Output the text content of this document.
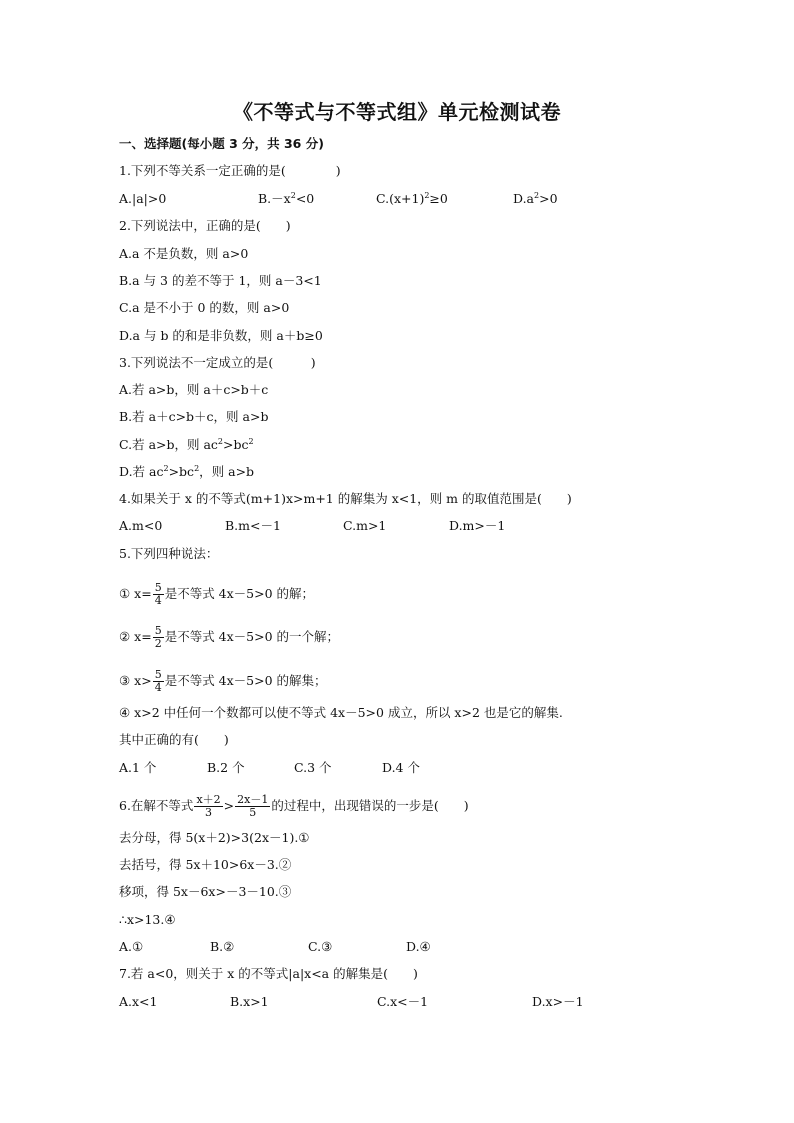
《不等式与不等式组》单元检测试卷
一、选择题(每小题 3 分，共 36 分)
1.下列不等关系一定正确的是(　　　　)
A.|a|>0	$B.-x^2<0$	$C.(x+1)^2\ge 0$	$D.a^2>0$
2.下列说法中，正确的是(　　)
A.a 不是负数，则 a>0
B.a 与 3 的差不等于 1，则 a－3<1
C.a 是不小于 0 的数，则 a>0
D.a 与 b 的和是非负数，则 a＋b≥0
3.下列说法不一定成立的是(　　　)
A.若 a>b，则 a＋c>b＋c
B.若 a＋c>b＋c，则 a>b
C.若 a>b，则 $ac^2>bc^2$
D.若 $ac^2>bc^2$，则 a>b
4.如果关于 x 的不等式(m+1)x>m+1 的解集为 x<1，则 m 的取值范围是(　　)
A.m<0	B.m<－1	C.m>1	D.m>－1
5.下列四种说法：
① $x= \frac{5}{4}$ 是不等式 4x－5>0 的解；
② $x= \frac{5}{2}$ 是不等式 4x－5>0 的一个解；
③ $x> \frac{5}{4}$ 是不等式 4x－5>0 的解集；
④ x>2 中任何一个数都可以使不等式 4x－5>0 成立，所以 x>2 也是它的解集.
其中正确的有(　　)
A.1 个	B.2 个	C.3 个	D.4 个
6.在解不等式 $\frac{x+2}{3} > \frac{2x-1}{5}$ 的过程中，出现错误的一步是(　　)
去分母，得 5(x＋2)>3(2x－1).①
去括号，得 5x＋10>6x－3.②
移项，得 5x－6x>－3－10.③
∴x>13.④
A.①	B.②	C.③	D.④
7.若 a<0，则关于 x 的不等式|a|x<a 的解集是(　　)
A.x<1	B.x>1	C.x<－1	D.x>－1
